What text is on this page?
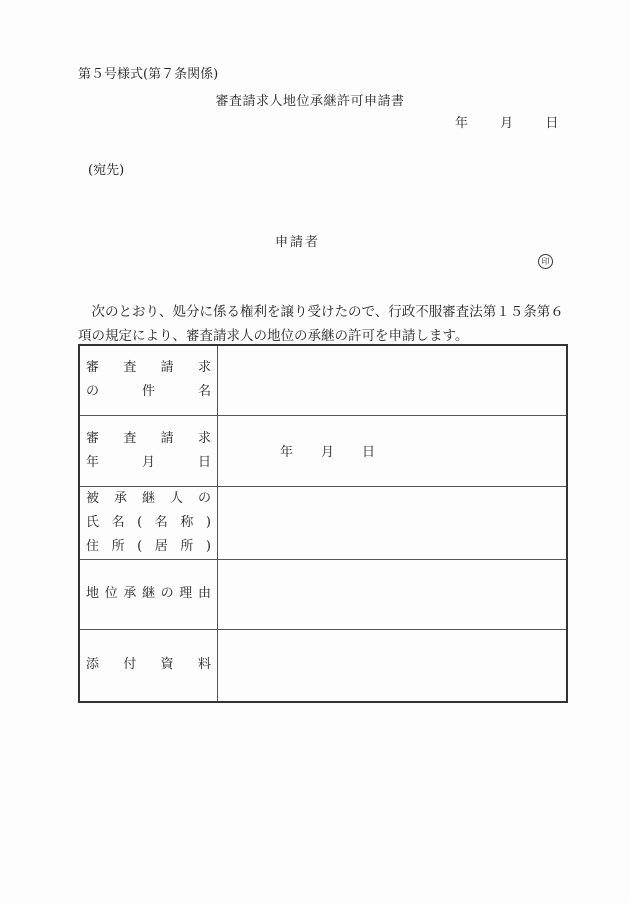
第５号様式(第７条関係)
審査請求人地位承継許可申請書
年 月 日
(宛先)
申請者
印
　次のとおり、処分に係る権利を譲り受けたので、行政不服審査法第１５条第６項の規定により、審査請求人の地位の承継の許可を申請します。
審 査 請 求
の	件	名

審 査 請 求
年	月	日
	年 月 日

被 承 継 人 の
氏 名 ( 名 称 )
住 所 ( 居 所 )

地 位 承 継 の 理 由

添 付 資 料	
